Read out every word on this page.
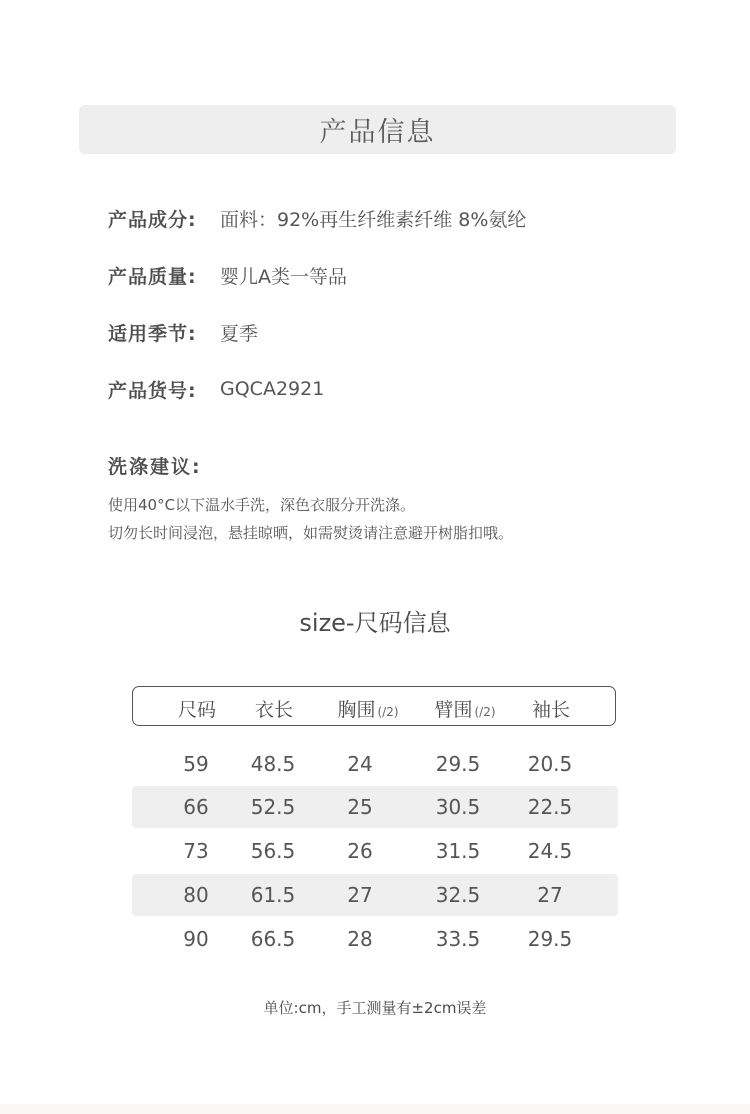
产品信息
产品成分:	面料：92%再生纤维素纤维 8%氨纶
产品质量:	婴儿A类一等品
适用季节:	夏季
产品货号:	GQCA2921
洗涤建议:
使用40°C以下温水手洗，深色衣服分开洗涤。
切勿长时间浸泡，悬挂晾晒，如需熨烫请注意避开树脂扣哦。
size-尺码信息
尺码 衣长 胸围 (/2) 臂围 (/2) 袖长
59 48.5	24	29.5 20.5
66 52.5	25	30.5 22.5
73 56.5	26	31.5 24.5
80 61.5	27	32.5	27
90 66.5	28	33.5 29.5
单位:cm，手工测量有±2cm误差
